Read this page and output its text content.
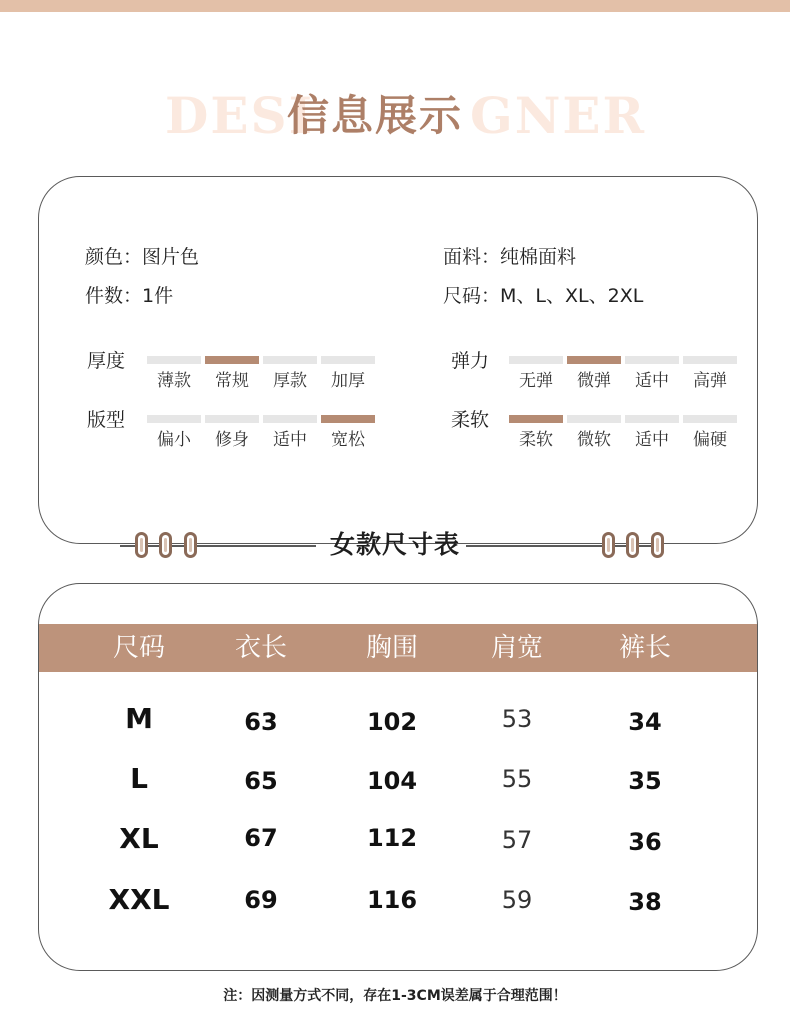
DESI	GNER
信息展示
颜色 ： 图片色	面料 ： 纯棉面料
件数 ： 1件	尺码 ： M、L、XL、2XL
厚度
薄款	常规	厚款	加厚
弹力
无弹	微弹	适中	高弹
版型
偏小	修身	适中	宽松
柔软
柔软	微软	适中	偏硬
女款尺寸表
尺码	衣长	胸围	肩宽	裤长
M	63	102	53	34
L	65	104	55	35
XL	67	112	57	36
XXL	69	116	59	38
注：因测量方式不同，存在1-3CM误差属于合理范围！
